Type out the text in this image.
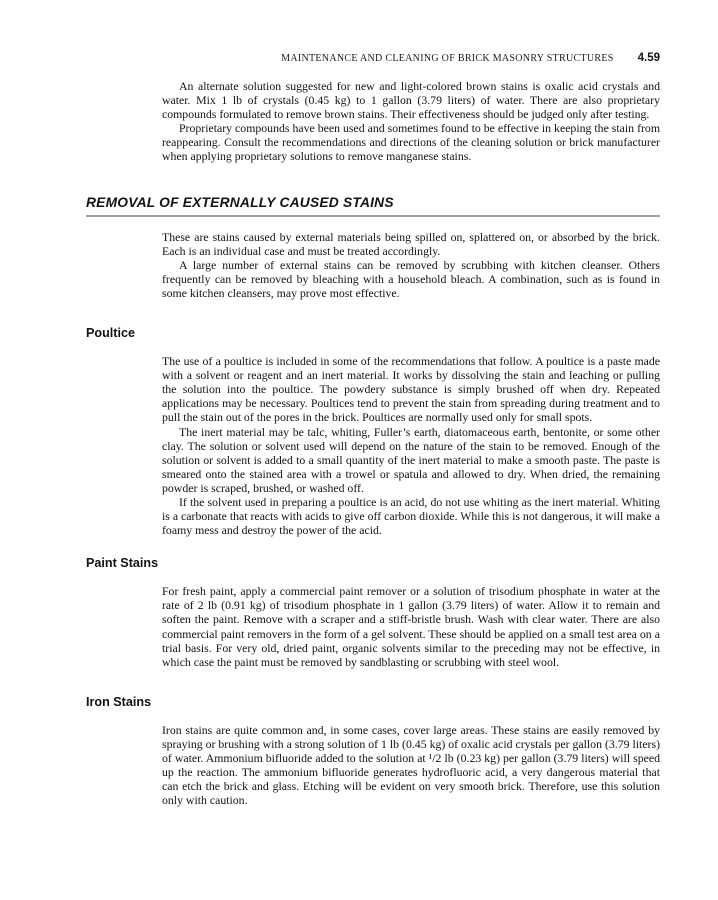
MAINTENANCE AND CLEANING OF BRICK MASONRY STRUCTURES 4.59

An alternate solution suggested for new and light-colored brown stains is oxalic acid crystals and water. Mix 1 lb of crystals (0.45 kg) to 1 gallon (3.79 liters) of water. There are also proprietary compounds formulated to remove brown stains. Their effectiveness should be judged only after testing.

Proprietary compounds have been used and sometimes found to be effective in keeping the stain from reappearing. Consult the recommendations and directions of the cleaning solution or brick manufacturer when applying proprietary solutions to remove manganese stains.

REMOVAL OF EXTERNALLY CAUSED STAINS

These are stains caused by external materials being spilled on, splattered on, or absorbed by the brick. Each is an individual case and must be treated accordingly.

A large number of external stains can be removed by scrubbing with kitchen cleanser. Others frequently can be removed by bleaching with a household bleach. A combination, such as is found in some kitchen cleansers, may prove most effective.

Poultice

The use of a poultice is included in some of the recommendations that follow. A poultice is a paste made with a solvent or reagent and an inert material. It works by dissolving the stain and leaching or pulling the solution into the poultice. The powdery substance is simply brushed off when dry. Repeated applications may be necessary. Poultices tend to prevent the stain from spreading during treatment and to pull the stain out of the pores in the brick. Poultices are normally used only for small spots.

The inert material may be talc, whiting, Fuller’s earth, diatomaceous earth, bentonite, or some other clay. The solution or solvent used will depend on the nature of the stain to be removed. Enough of the solution or solvent is added to a small quantity of the inert material to make a smooth paste. The paste is smeared onto the stained area with a trowel or spatula and allowed to dry. When dried, the remaining powder is scraped, brushed, or washed off.

If the solvent used in preparing a poultice is an acid, do not use whiting as the inert material. Whiting is a carbonate that reacts with acids to give off carbon dioxide. While this is not dangerous, it will make a foamy mess and destroy the power of the acid.

Paint Stains

For fresh paint, apply a commercial paint remover or a solution of trisodium phosphate in water at the rate of 2 lb (0.91 kg) of trisodium phosphate in 1 gallon (3.79 liters) of water. Allow it to remain and soften the paint. Remove with a scraper and a stiff-bristle brush. Wash with clear water. There are also commercial paint removers in the form of a gel solvent. These should be applied on a small test area on a trial basis. For very old, dried paint, organic solvents similar to the preceding may not be effective, in which case the paint must be removed by sandblasting or scrubbing with steel wool.

Iron Stains

Iron stains are quite common and, in some cases, cover large areas. These stains are easily removed by spraying or brushing with a strong solution of 1 lb (0.45 kg) of oxalic acid crystals per gallon (3.79 liters) of water. Ammonium bifluoride added to the solution at ¹/2 lb (0.23 kg) per gallon (3.79 liters) will speed up the reaction. The ammonium bifluoride generates hydrofluoric acid, a very dangerous material that can etch the brick and glass. Etching will be evident on very smooth brick. Therefore, use this solution only with caution.
